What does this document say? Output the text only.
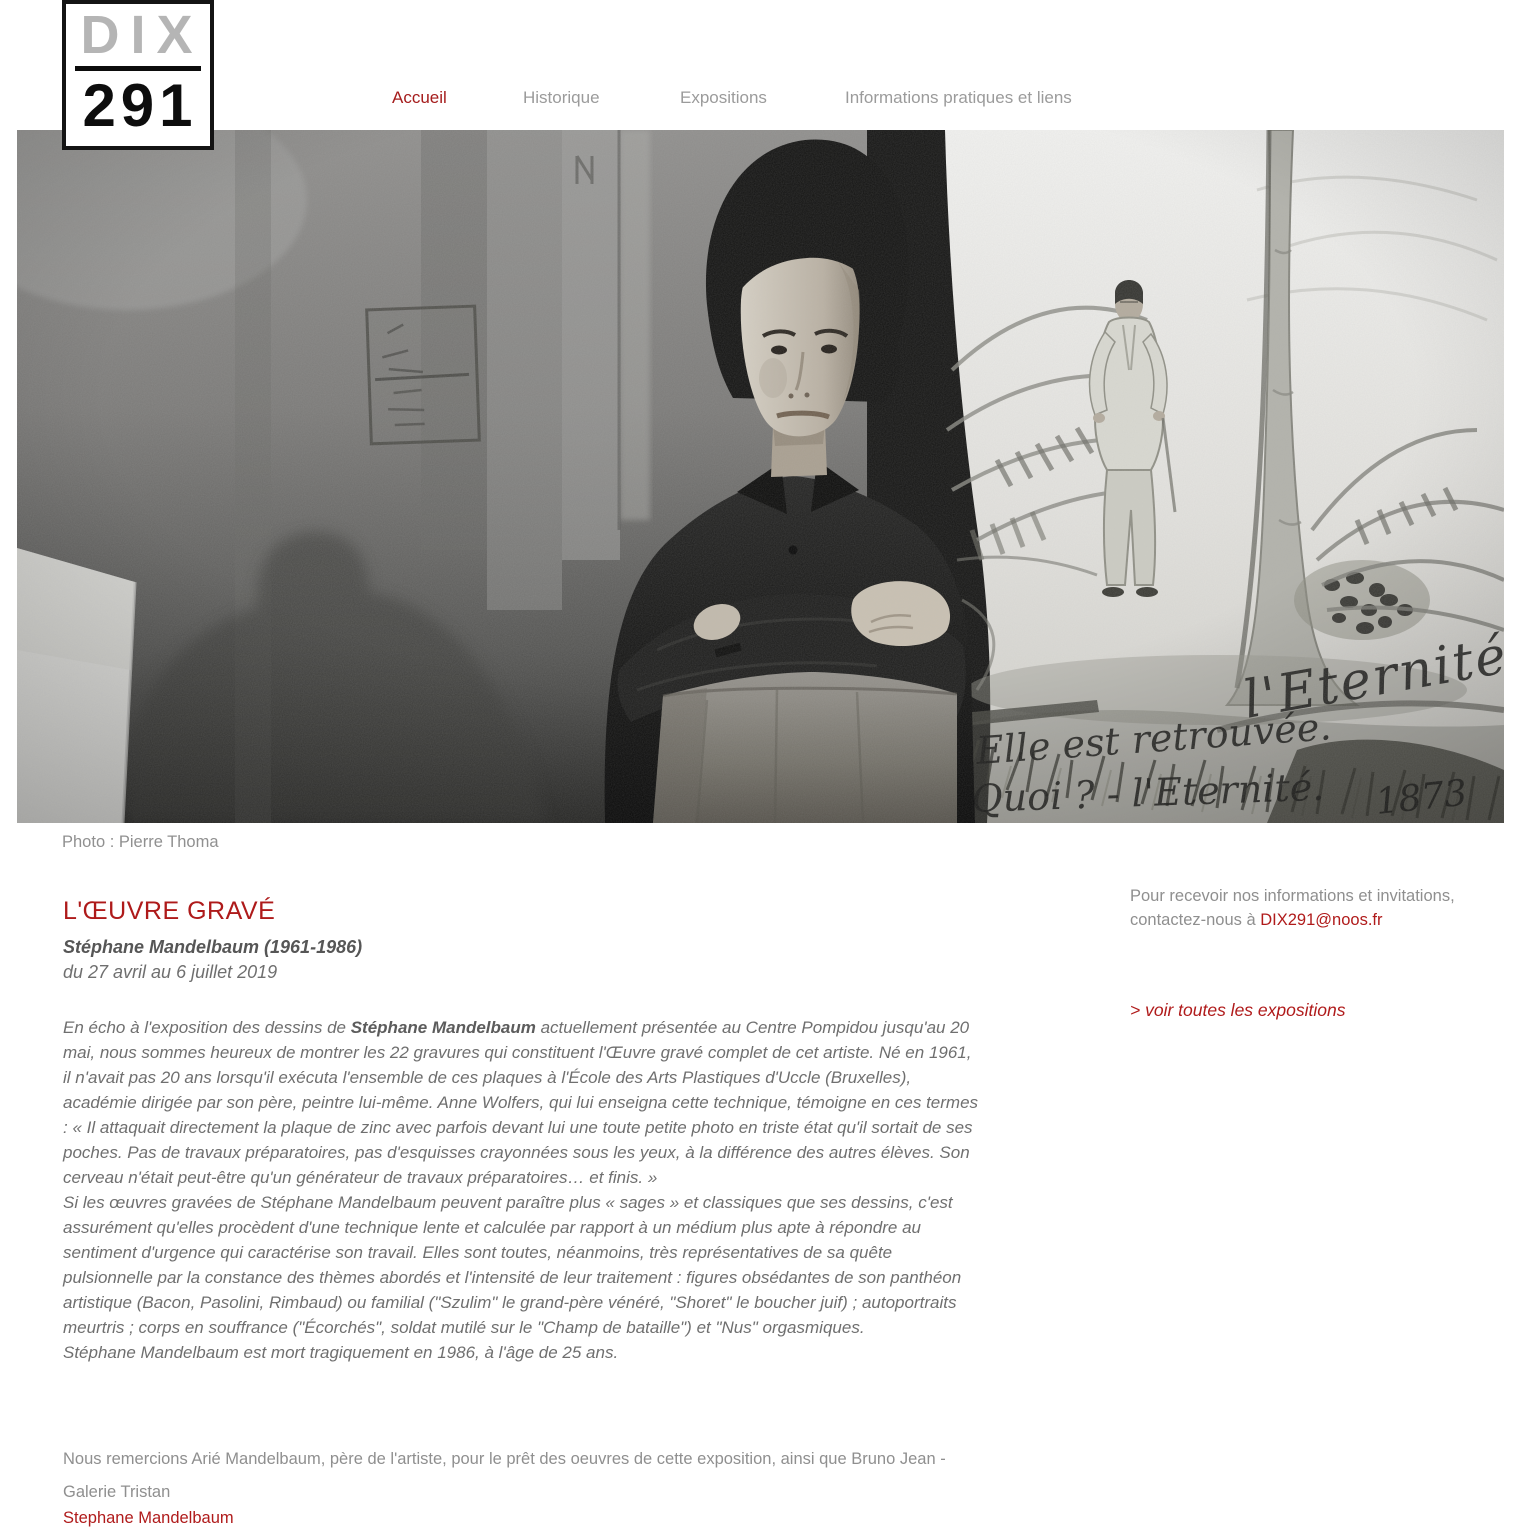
DIX
291	Accueil	Historique	Expositions	Informations pratiques et liens
Photo : Pierre Thoma
L'ŒUVRE GRAVÉ
Stéphane Mandelbaum (1961-1986)
du 27 avril au 6 juillet 2019
En écho à l'exposition des dessins de Stéphane Mandelbaum actuellement présentée au Centre Pompidou jusqu'au 20 mai, nous sommes heureux de montrer les 22 gravures qui constituent l'Œuvre gravé complet de cet artiste. Né en 1961, il n'avait pas 20 ans lorsqu'il exécuta l'ensemble de ces plaques à l'École des Arts Plastiques d'Uccle (Bruxelles), académie dirigée par son père, peintre lui-même. Anne Wolfers, qui lui enseigna cette technique, témoigne en ces termes : « Il attaquait directement la plaque de zinc avec parfois devant lui une toute petite photo en triste état qu'il sortait de ses poches. Pas de travaux préparatoires, pas d'esquisses crayonnées sous les yeux, à la différence des autres élèves. Son cerveau n'était peut-être qu'un générateur de travaux préparatoires… et finis. »
Si les œuvres gravées de Stéphane Mandelbaum peuvent paraître plus « sages » et classiques que ses dessins, c'est assurément qu'elles procèdent d'une technique lente et calculée par rapport à un médium plus apte à répondre au sentiment d'urgence qui caractérise son travail. Elles sont toutes, néanmoins, très représentatives de sa quête pulsionnelle par la constance des thèmes abordés et l'intensité de leur traitement : figures obsédantes de son panthéon artistique (Bacon, Pasolini, Rimbaud) ou familial ("Szulim" le grand-père vénéré, "Shoret" le boucher juif) ; autoportraits meurtris ; corps en souffrance ("Écorchés", soldat mutilé sur le "Champ de bataille") et "Nus" orgasmiques.
Stéphane Mandelbaum est mort tragiquement en 1986, à l'âge de 25 ans.
Nous remercions Arié Mandelbaum, père de l'artiste, pour le prêt des oeuvres de cette exposition, ainsi que Bruno Jean - Galerie Tristan
Stephane Mandelbaum
Pour recevoir nos informations et invitations,
contactez-nous à DIX291@noos.fr
> voir toutes les expositions
